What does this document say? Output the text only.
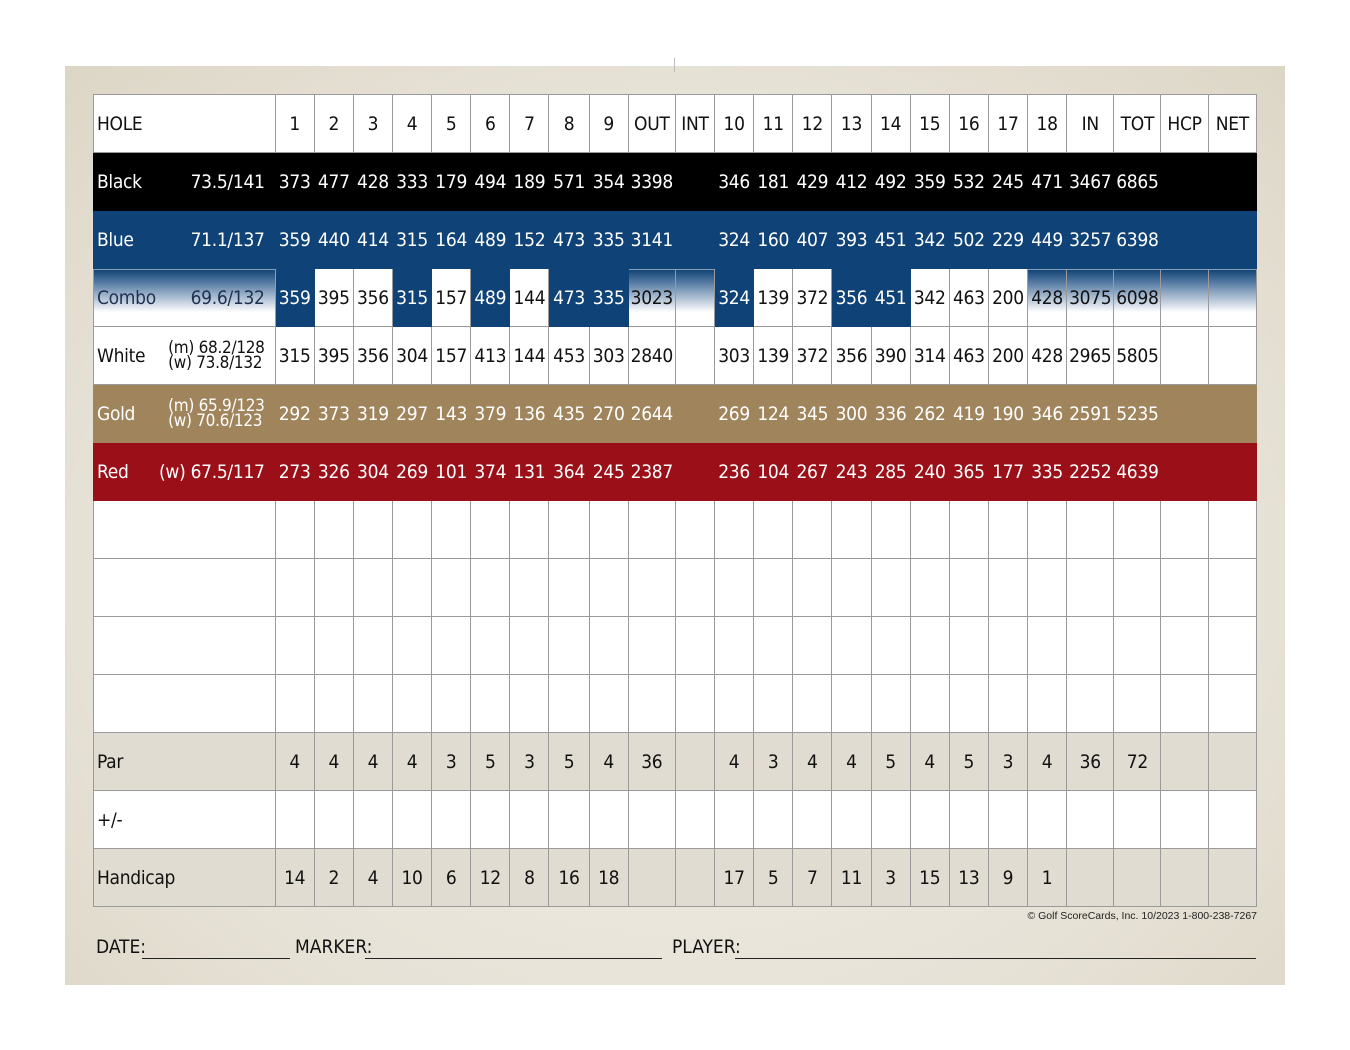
HOLE	1	2	3	4	5	6	7	8	9	OUT	INT	10	11	12	13	14	15	16	17	18	IN	TOT	HCP	NET

Black 73.5/141	373	477	428	333	179	494	189	571	354	3398		346	181	429	412	492	359	532	245	471	3467	6865		

Blue 71.1/137	359	440	414	315	164	489	152	473	335	3141		324	160	407	393	451	342	502	229	449	3257	6398		

Combo 69.6/132	359	395	356	315	157	489	144	473	335	3023		324	139	372	356	451	342	463	200	428	3075	6098		

White (m) 68.2/128
(w) 73.8/132	315	395	356	304	157	413	144	453	303	2840		303	139	372	356	390	314	463	200	428	2965	5805		

Gold (m) 65.9/123
(w) 70.6/123	292	373	319	297	143	379	136	435	270	2644		269	124	345	300	336	262	419	190	346	2591	5235		

Red (w) 67.5/117	273	326	304	269	101	374	131	364	245	2387		236	104	267	243	285	240	365	177	335	2252	4639		

Par	4	4	4	4	3	5	3	5	4	36		4	3	4	4	5	4	5	3	4	36	72		
+/-																								
Handicap	14	2	4	10	6	12	8	16	18			17	5	7	11	3	15	13	9	1				
© Golf ScoreCards, Inc. 10/2023 1-800-238-7267
DATE:	MARKER:	PLAYER:
